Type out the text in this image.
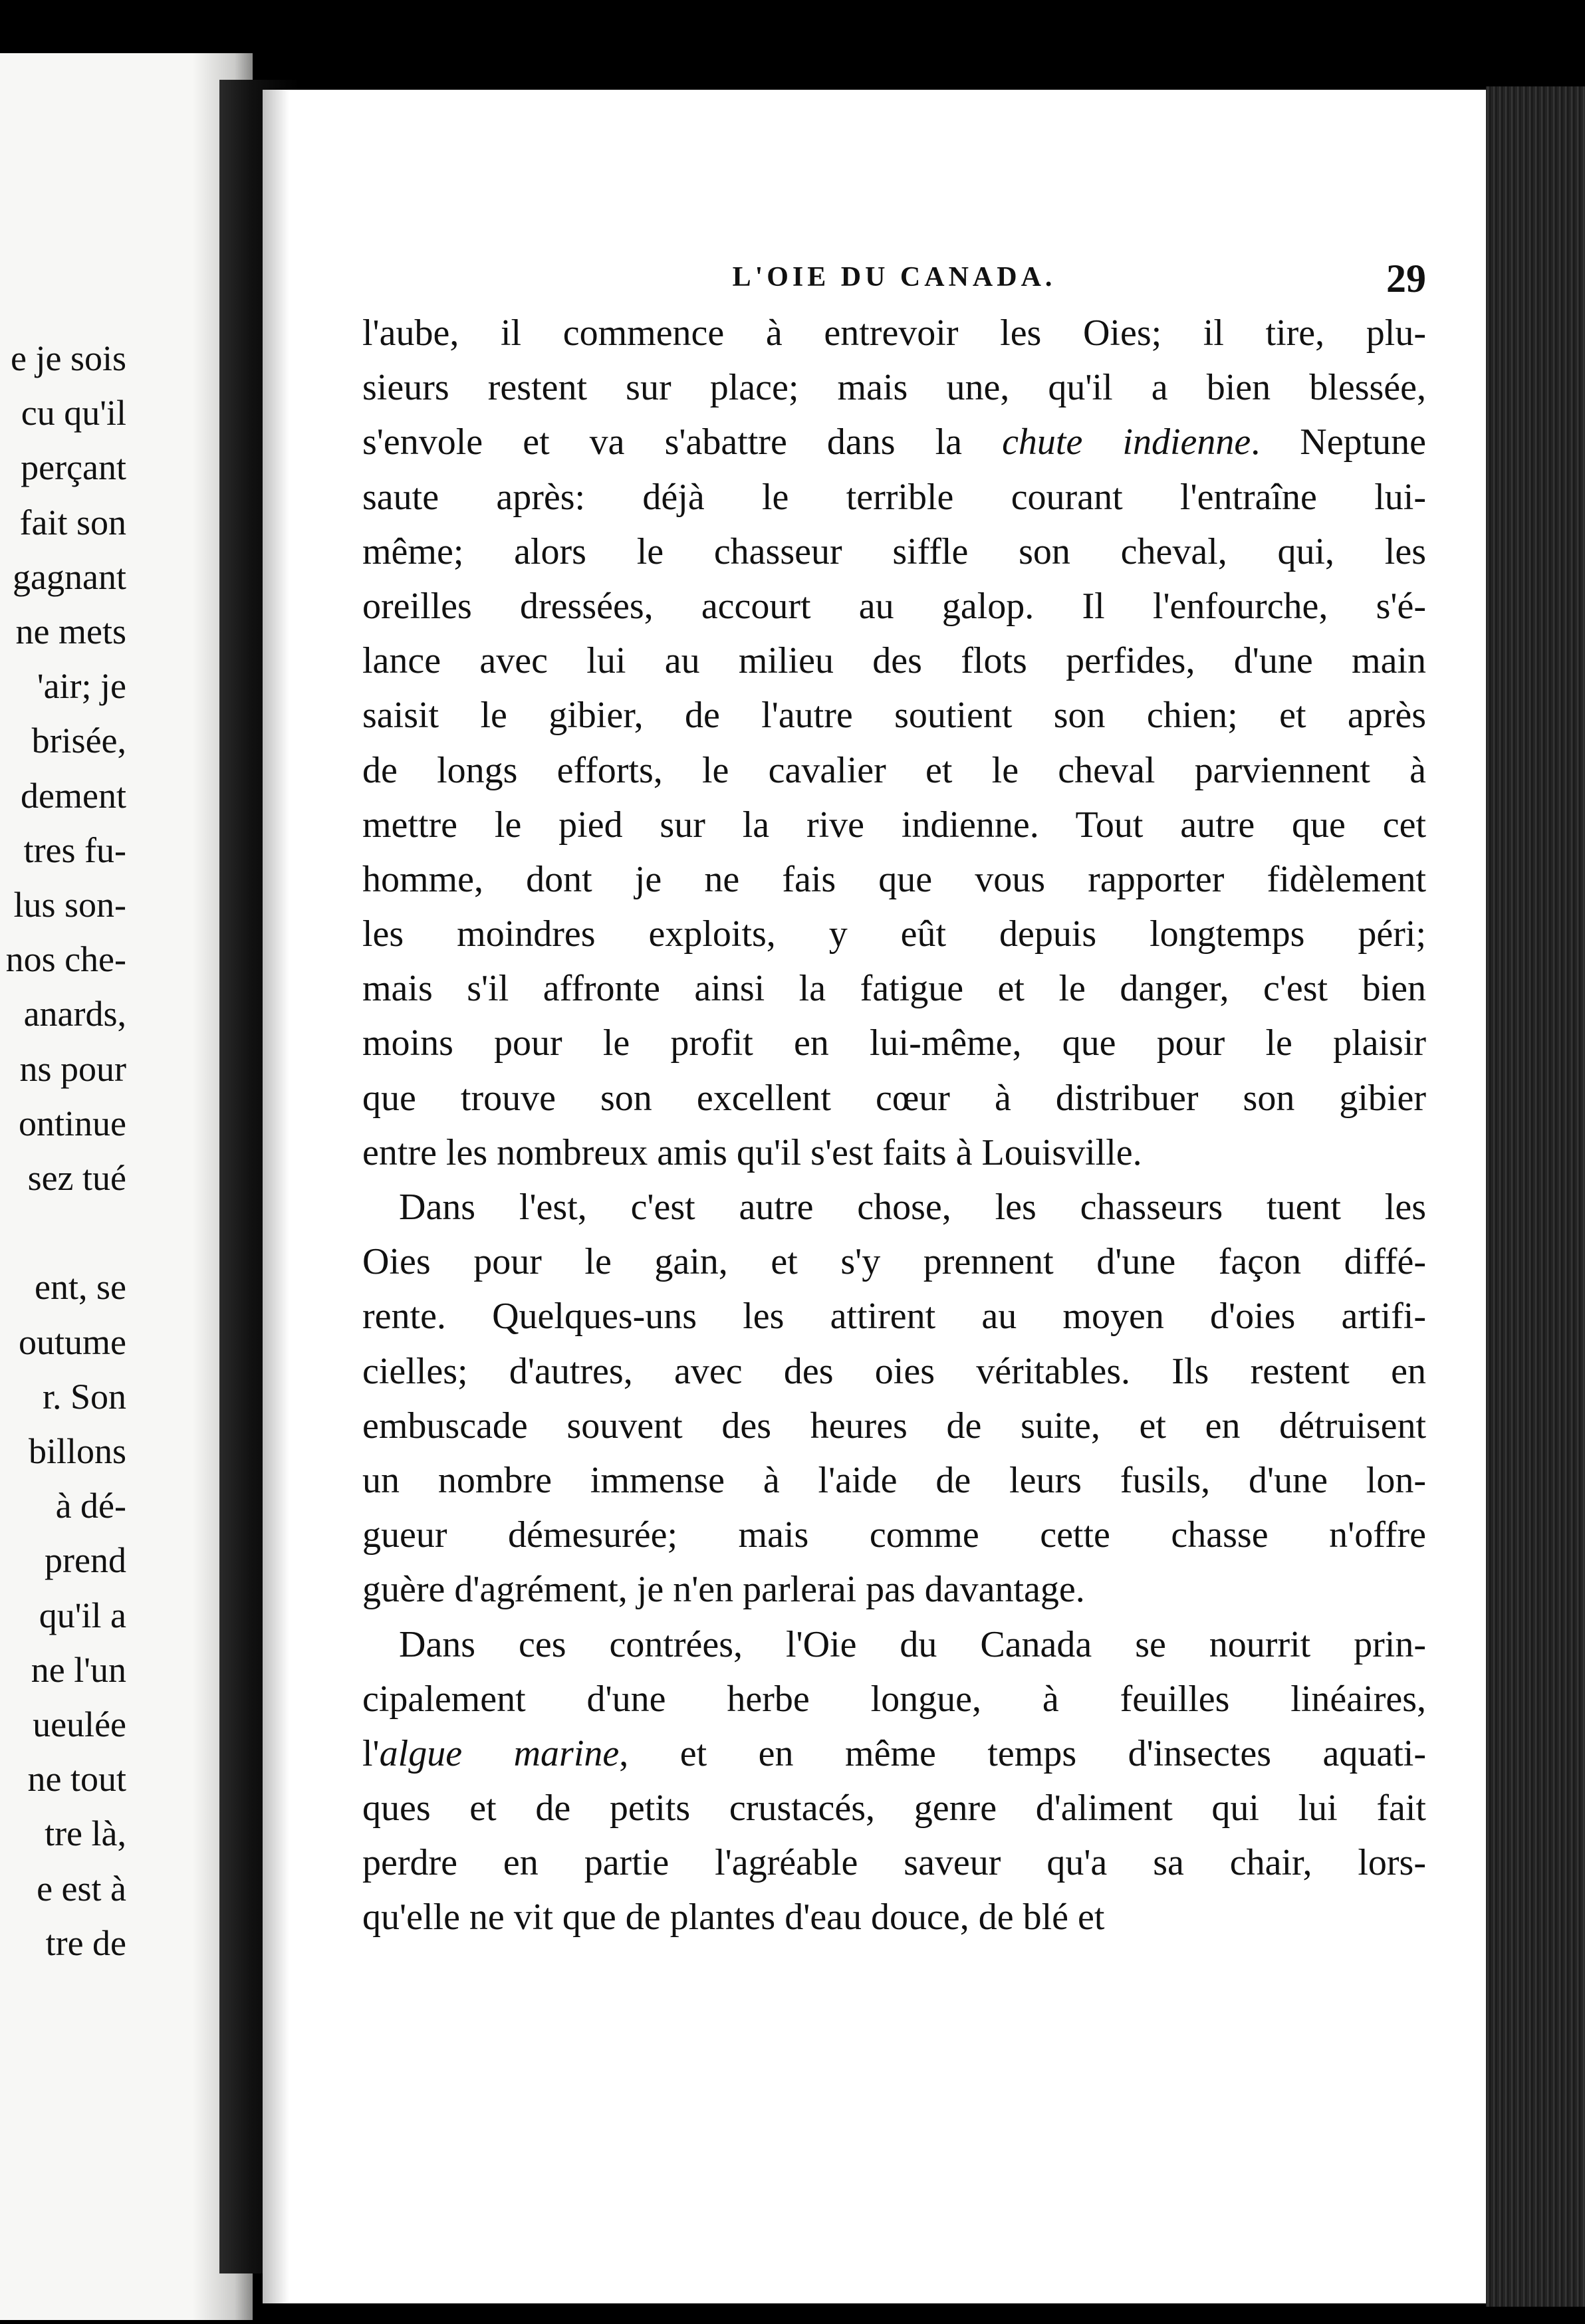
e je sois
cu qu'il
perçant
fait son
gagnant
ne mets
'air; je
brisée,
dement
tres fu-
lus son-
nos che-
anards,
ns pour
ontinue
sez tué
ent, se
outume
r. Son
billons
à dé-
prend
qu'il a
ne l'un
ueulée
ne tout
tre là,
e est à
tre de
L'OIE DU CANADA.	29
l'aube, il commence à entrevoir les Oies; il tire, plu-
sieurs restent sur place; mais une, qu'il a bien blessée,
s'envole et va s'abattre dans la chute indienne. Neptune
saute après: déjà le terrible courant l'entraîne lui-
même; alors le chasseur siffle son cheval, qui, les
oreilles dressées, accourt au galop. Il l'enfourche, s'é-
lance avec lui au milieu des flots perfides, d'une main
saisit le gibier, de l'autre soutient son chien; et après
de longs efforts, le cavalier et le cheval parviennent à
mettre le pied sur la rive indienne. Tout autre que cet
homme, dont je ne fais que vous rapporter fidèlement
les moindres exploits, y eût depuis longtemps péri;
mais s'il affronte ainsi la fatigue et le danger, c'est bien
moins pour le profit en lui-même, que pour le plaisir
que trouve son excellent cœur à distribuer son gibier
entre les nombreux amis qu'il s'est faits à Louisville.
Dans l'est, c'est autre chose, les chasseurs tuent les
Oies pour le gain, et s'y prennent d'une façon diffé-
rente. Quelques-uns les attirent au moyen d'oies artifi-
cielles; d'autres, avec des oies véritables. Ils restent en
embuscade souvent des heures de suite, et en détruisent
un nombre immense à l'aide de leurs fusils, d'une lon-
gueur démesurée; mais comme cette chasse n'offre
guère d'agrément, je n'en parlerai pas davantage.
Dans ces contrées, l'Oie du Canada se nourrit prin-
cipalement d'une herbe longue, à feuilles linéaires,
l'algue marine, et en même temps d'insectes aquati-
ques et de petits crustacés, genre d'aliment qui lui fait
perdre en partie l'agréable saveur qu'a sa chair, lors-
qu'elle ne vit que de plantes d'eau douce, de blé et
